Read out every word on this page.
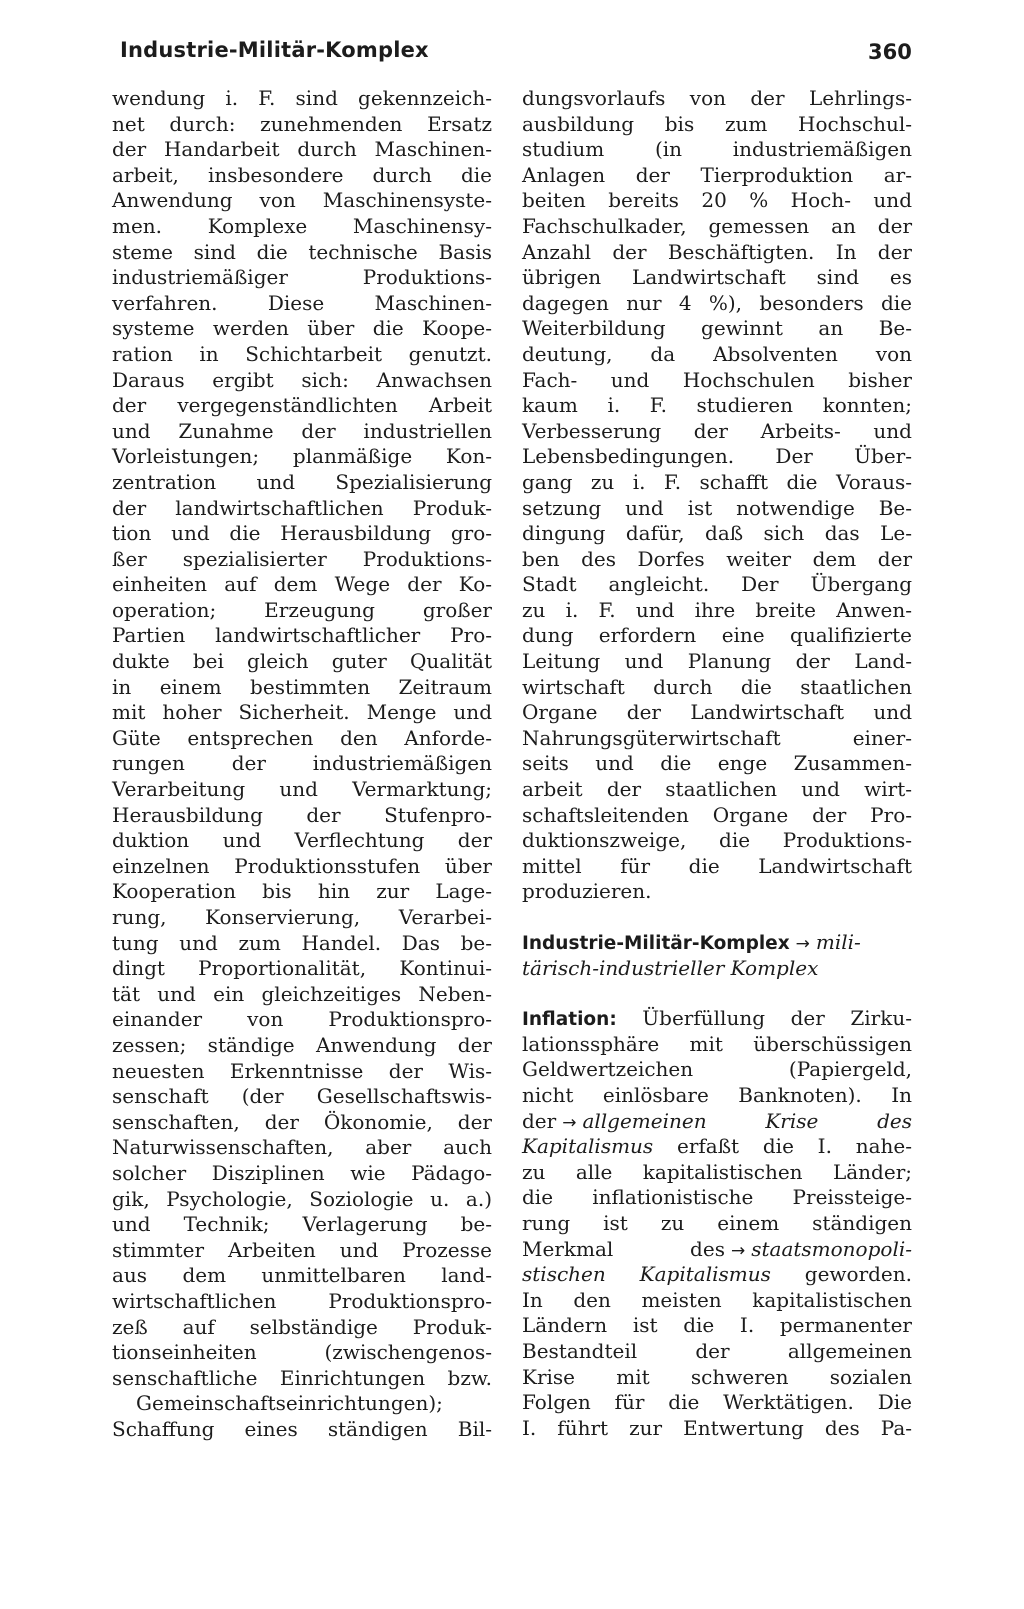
Industrie-Militär-Komplex	360
wendung i. F. sind gekennzeich-
net durch: zunehmenden Ersatz
der Handarbeit durch Maschinen-
arbeit, insbesondere durch die
Anwendung von Maschinensyste-
men. Komplexe Maschinensy-
steme sind die technische Basis
industriemäßiger Produktions-
verfahren. Diese Maschinen-
systeme werden über die Koope-
ration in Schichtarbeit genutzt.
Daraus ergibt sich: Anwachsen
der vergegenständlichten Arbeit
und Zunahme der industriellen
Vorleistungen; planmäßige Kon-
zentration und Spezialisierung
der landwirtschaftlichen Produk-
tion und die Herausbildung gro-
ßer spezialisierter Produktions-
einheiten auf dem Wege der Ko-
operation; Erzeugung großer
Partien landwirtschaftlicher Pro-
dukte bei gleich guter Qualität
in einem bestimmten Zeitraum
mit hoher Sicherheit. Menge und
Güte entsprechen den Anforde-
rungen der industriemäßigen
Verarbeitung und Vermarktung;
Herausbildung der Stufenpro-
duktion und Verflechtung der
einzelnen Produktionsstufen über
Kooperation bis hin zur Lage-
rung, Konservierung, Verarbei-
tung und zum Handel. Das be-
dingt Proportionalität, Kontinui-
tät und ein gleichzeitiges Neben-
einander von Produktionspro-
zessen; ständige Anwendung der
neuesten Erkenntnisse der Wis-
senschaft (der Gesellschaftswis-
senschaften, der Ökonomie, der
Naturwissenschaften, aber auch
solcher Disziplinen wie Pädago-
gik, Psychologie, Soziologie u. a.)
und Technik; Verlagerung be-
stimmter Arbeiten und Prozesse
aus dem unmittelbaren land-
wirtschaftlichen Produktionspro-
zeß auf selbständige Produk-
tionseinheiten (zwischengenos-
senschaftliche Einrichtungen bzw.
Gemeinschaftseinrichtungen);
Schaffung eines ständigen Bil-
dungsvorlaufs von der Lehrlings-
ausbildung bis zum Hochschul-
studium (in industriemäßigen
Anlagen der Tierproduktion ar-
beiten bereits 20 % Hoch- und
Fachschulkader, gemessen an der
Anzahl der Beschäftigten. In der
übrigen Landwirtschaft sind es
dagegen nur 4 %), besonders die
Weiterbildung gewinnt an Be-
deutung, da Absolventen von
Fach- und Hochschulen bisher
kaum i. F. studieren konnten;
Verbesserung der Arbeits- und
Lebensbedingungen. Der Über-
gang zu i. F. schafft die Voraus-
setzung und ist notwendige Be-
dingung dafür, daß sich das Le-
ben des Dorfes weiter dem der
Stadt angleicht. Der Übergang
zu i. F. und ihre breite Anwen-
dung erfordern eine qualifizierte
Leitung und Planung der Land-
wirtschaft durch die staatlichen
Organe der Landwirtschaft und
Nahrungsgüterwirtschaft einer-
seits und die enge Zusammen-
arbeit der staatlichen und wirt-
schaftsleitenden Organe der Pro-
duktionszweige, die Produktions-
mittel für die Landwirtschaft
produzieren.
Industrie-Militär-Komplex → mili-
tärisch-industrieller Komplex
Inflation: Überfüllung der Zirku-
lationssphäre mit überschüssigen
Geldwertzeichen (Papiergeld,
nicht einlösbare Banknoten). In
der → allgemeinen Krise des
Kapitalismus erfaßt die I. nahe-
zu alle kapitalistischen Länder;
die inflationistische Preissteige-
rung ist zu einem ständigen
Merkmal des → staatsmonopoli-
stischen Kapitalismus geworden.
In den meisten kapitalistischen
Ländern ist die I. permanenter
Bestandteil der allgemeinen
Krise mit schweren sozialen
Folgen für die Werktätigen. Die
I. führt zur Entwertung des Pa-
